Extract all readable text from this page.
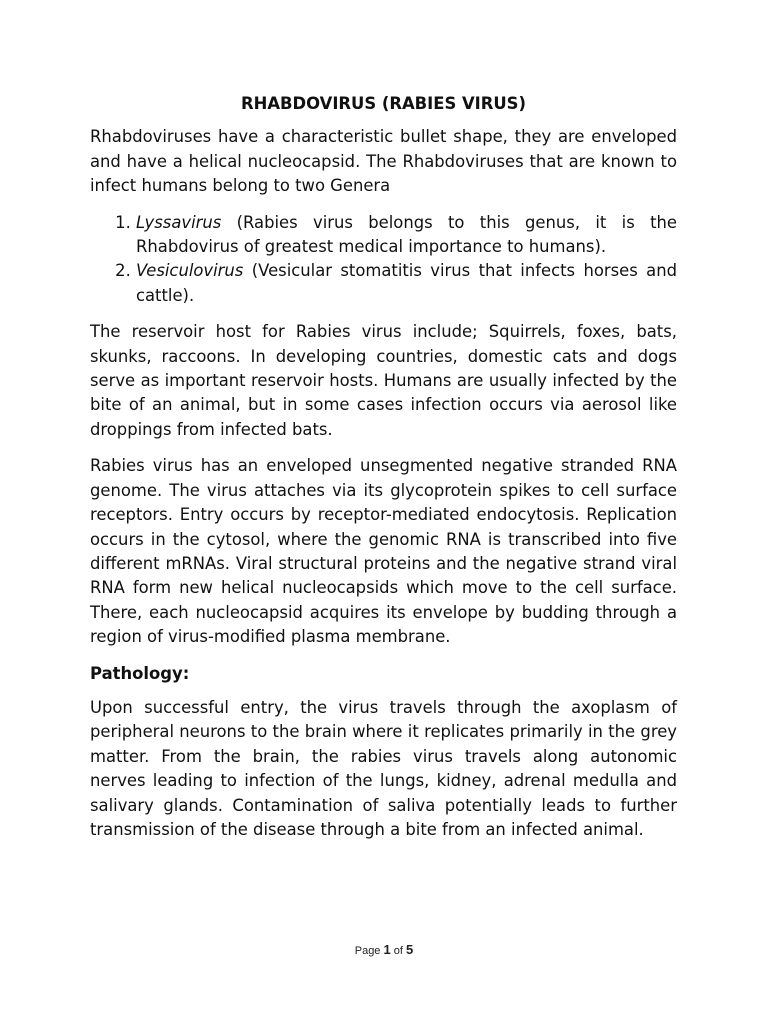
RHABDOVIRUS (RABIES VIRUS)

Rhabdoviruses have a characteristic bullet shape, they are enveloped and have a helical nucleocapsid. The Rhabdoviruses that are known to infect humans belong to two Genera

1. Lyssavirus (Rabies virus belongs to this genus, it is the Rhabdovirus of greatest medical importance to humans).
2. Vesiculovirus (Vesicular stomatitis virus that infects horses and cattle).

The reservoir host for Rabies virus include; Squirrels, foxes, bats, skunks, raccoons. In developing countries, domestic cats and dogs serve as important reservoir hosts. Humans are usually infected by the bite of an animal, but in some cases infection occurs via aerosol like droppings from infected bats.

Rabies virus has an enveloped unsegmented negative stranded RNA genome. The virus attaches via its glycoprotein spikes to cell surface receptors. Entry occurs by receptor-mediated endocytosis. Replication occurs in the cytosol, where the genomic RNA is transcribed into five different mRNAs. Viral structural proteins and the negative strand viral RNA form new helical nucleocapsids which move to the cell surface. There, each nucleocapsid acquires its envelope by budding through a region of virus-modified plasma membrane.

Pathology:

Upon successful entry, the virus travels through the axoplasm of peripheral neurons to the brain where it replicates primarily in the grey matter. From the brain, the rabies virus travels along autonomic nerves leading to infection of the lungs, kidney, adrenal medulla and salivary glands. Contamination of saliva potentially leads to further transmission of the disease through a bite from an infected animal.

Page 1 of 5
